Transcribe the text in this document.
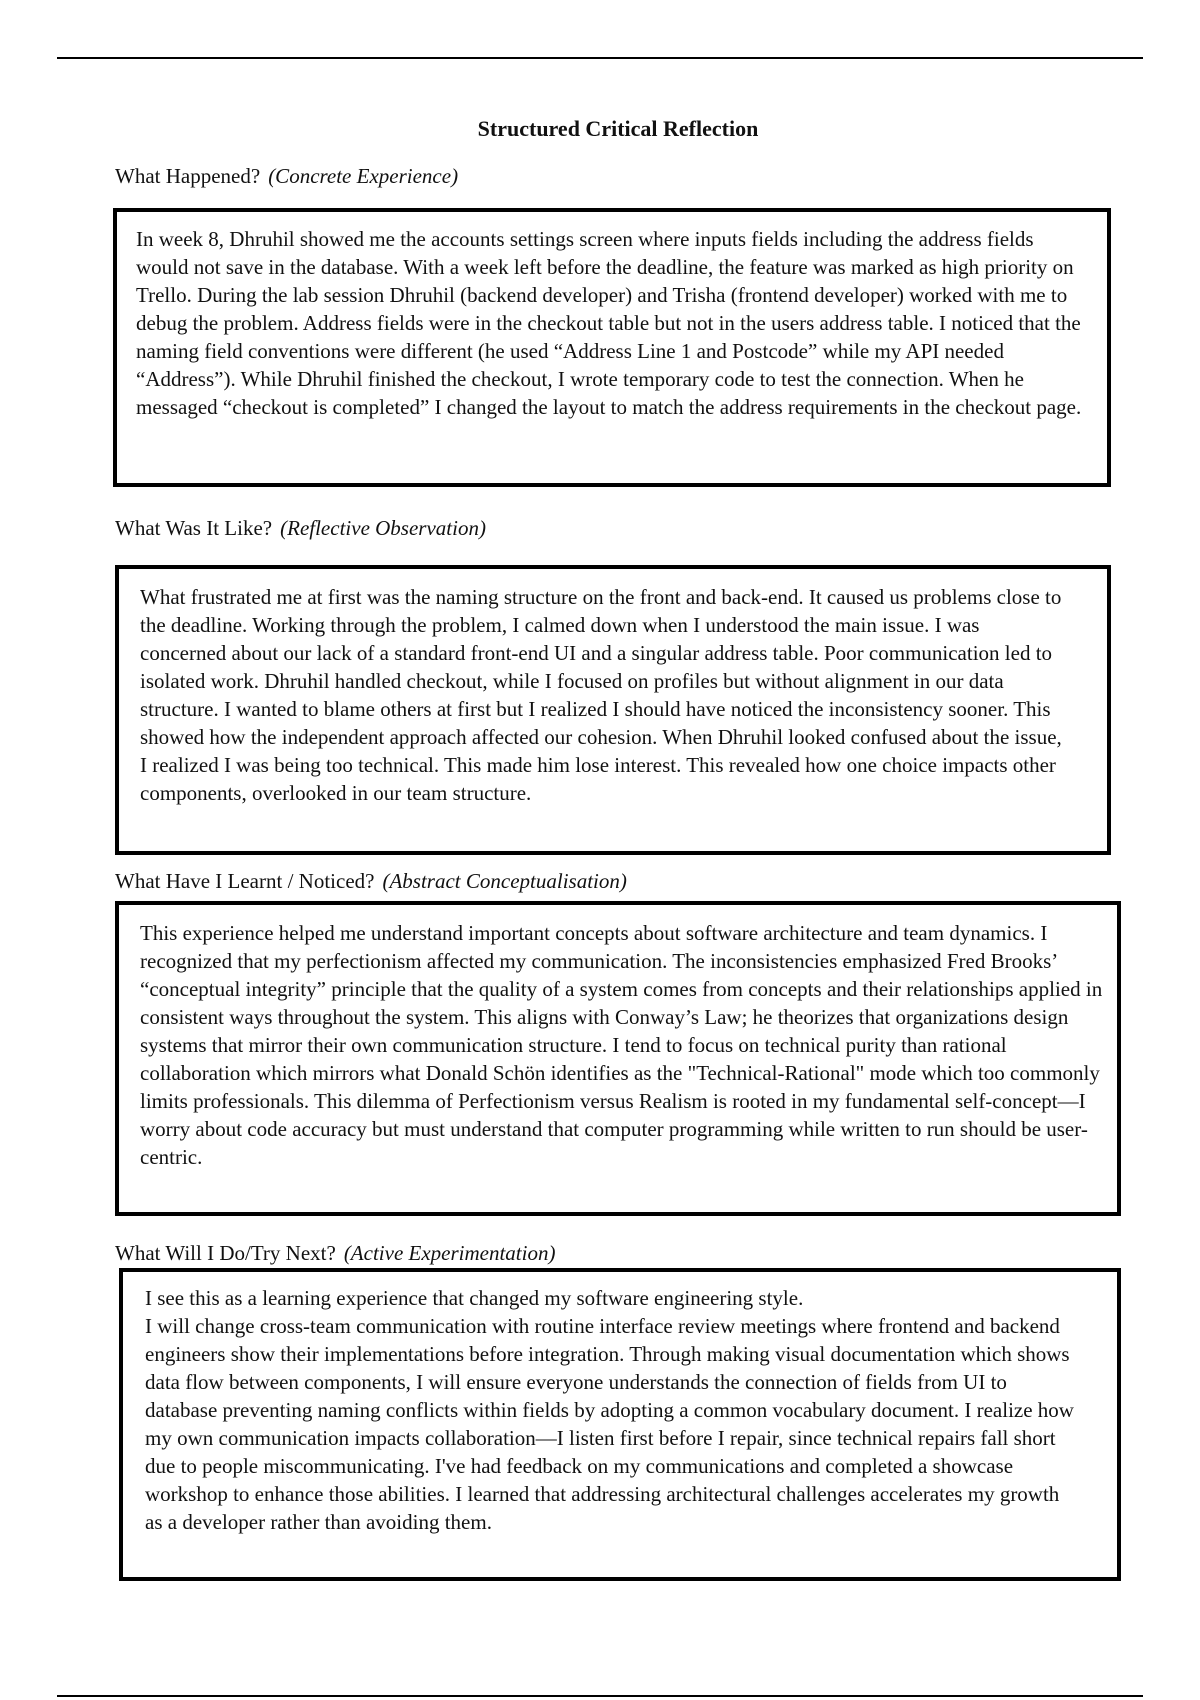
Structured Critical Reflection
What Happened? (Concrete Experience)

In week 8, Dhruhil showed me the accounts settings screen where inputs fields including the address fields would not save in the database. With a week left before the deadline, the feature was marked as high priority on Trello. During the lab session Dhruhil (backend developer) and Trisha (frontend developer) worked with me to debug the problem. Address fields were in the checkout table but not in the users address table. I noticed that the naming field conventions were different (he used “Address Line 1 and Postcode” while my API needed “Address”). While Dhruhil finished the checkout, I wrote temporary code to test the connection. When he messaged “checkout is completed” I changed the layout to match the address requirements in the checkout page.

What Was It Like? (Reflective Observation)

What frustrated me at first was the naming structure on the front and back-end. It caused us problems close to the deadline. Working through the problem, I calmed down when I understood the main issue. I was concerned about our lack of a standard front-end UI and a singular address table. Poor communication led to isolated work. Dhruhil handled checkout, while I focused on profiles but without alignment in our data structure. I wanted to blame others at first but I realized I should have noticed the inconsistency sooner. This showed how the independent approach affected our cohesion. When Dhruhil looked confused about the issue, I realized I was being too technical. This made him lose interest. This revealed how one choice impacts other components, overlooked in our team structure.

What Have I Learnt / Noticed? (Abstract Conceptualisation)

This experience helped me understand important concepts about software architecture and team dynamics. I recognized that my perfectionism affected my communication. The inconsistencies emphasized Fred Brooks’ “conceptual integrity” principle that the quality of a system comes from concepts and their relationships applied in consistent ways throughout the system. This aligns with Conway’s Law; he theorizes that organizations design systems that mirror their own communication structure. I tend to focus on technical purity than rational collaboration which mirrors what Donald Schön identifies as the "Technical-Rational" mode which too commonly limits professionals. This dilemma of Perfectionism versus Realism is rooted in my fundamental self-concept—I worry about code accuracy but must understand that computer programming while written to run should be user-centric.

What Will I Do/Try Next? (Active Experimentation)

I see this as a learning experience that changed my software engineering style.

I will change cross-team communication with routine interface review meetings where frontend and backend engineers show their implementations before integration. Through making visual documentation which shows data flow between components, I will ensure everyone understands the connection of fields from UI to database preventing naming conflicts within fields by adopting a common vocabulary document. I realize how my own communication impacts collaboration—I listen first before I repair, since technical repairs fall short due to people miscommunicating. I've had feedback on my communications and completed a showcase workshop to enhance those abilities. I learned that addressing architectural challenges accelerates my growth as a developer rather than avoiding them.
